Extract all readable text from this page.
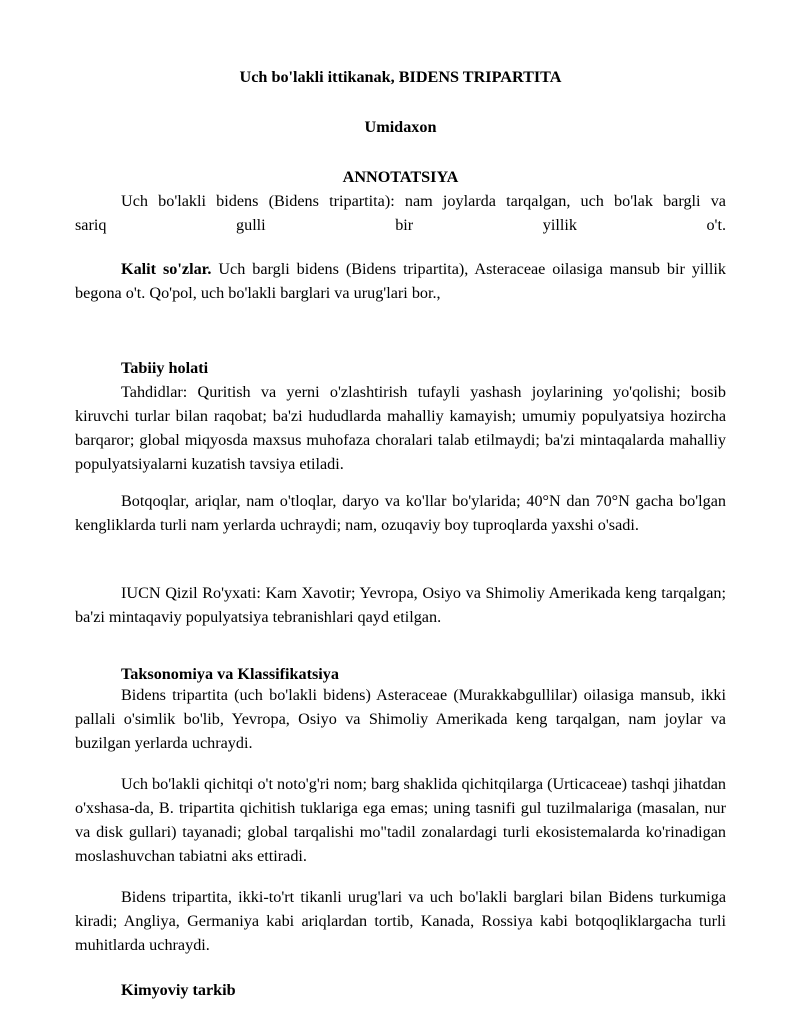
Uch bo'lakli ittikanak, BIDENS TRIPARTITA
Umidaxon
ANNOTATSIYA
Uch bo'lakli bidens (Bidens tripartita): nam joylarda tarqalgan, uch bo'lak bargli va
sariq gulli bir yillik o't.
Kalit so'zlar. Uch bargli bidens (Bidens tripartita), Asteraceae oilasiga mansub bir yillik begona o't. Qo'pol, uch bo'lakli barglari va urug'lari bor.,
Tabiiy holati
Tahdidlar: Quritish va yerni o'zlashtirish tufayli yashash joylarining yo'qolishi; bosib kiruvchi turlar bilan raqobat; ba'zi hududlarda mahalliy kamayish; umumiy populyatsiya hozircha barqaror; global miqyosda maxsus muhofaza choralari talab etilmaydi; ba'zi mintaqalarda mahalliy populyatsiyalarni kuzatish tavsiya etiladi.
Botqoqlar, ariqlar, nam o'tloqlar, daryo va ko'llar bo'ylarida; 40°N dan 70°N gacha bo'lgan kengliklarda turli nam yerlarda uchraydi; nam, ozuqaviy boy tuproqlarda yaxshi o'sadi.
IUCN Qizil Ro'yxati: Kam Xavotir; Yevropa, Osiyo va Shimoliy Amerikada keng tarqalgan; ba'zi mintaqaviy populyatsiya tebranishlari qayd etilgan.
Taksonomiya va Klassifikatsiya
Bidens tripartita (uch bo'lakli bidens) Asteraceae (Murakkabgullilar) oilasiga mansub, ikki pallali o'simlik bo'lib, Yevropa, Osiyo va Shimoliy Amerikada keng tarqalgan, nam joylar va buzilgan yerlarda uchraydi.
Uch bo'lakli qichitqi o't noto'g'ri nom; barg shaklida qichitqilarga (Urticaceae) tashqi jihatdan o'xshasa-da, B. tripartita qichitish tuklariga ega emas; uning tasnifi gul tuzilmalariga (masalan, nur va disk gullari) tayanadi; global tarqalishi mo"tadil zonalardagi turli ekosistemalarda ko'rinadigan moslashuvchan tabiatni aks ettiradi.
Bidens tripartita, ikki-to'rt tikanli urug'lari va uch bo'lakli barglari bilan Bidens turkumiga kiradi; Angliya, Germaniya kabi ariqlardan tortib, Kanada, Rossiya kabi botqoqliklargacha turli muhitlarda uchraydi.
Kimyoviy tarkib
